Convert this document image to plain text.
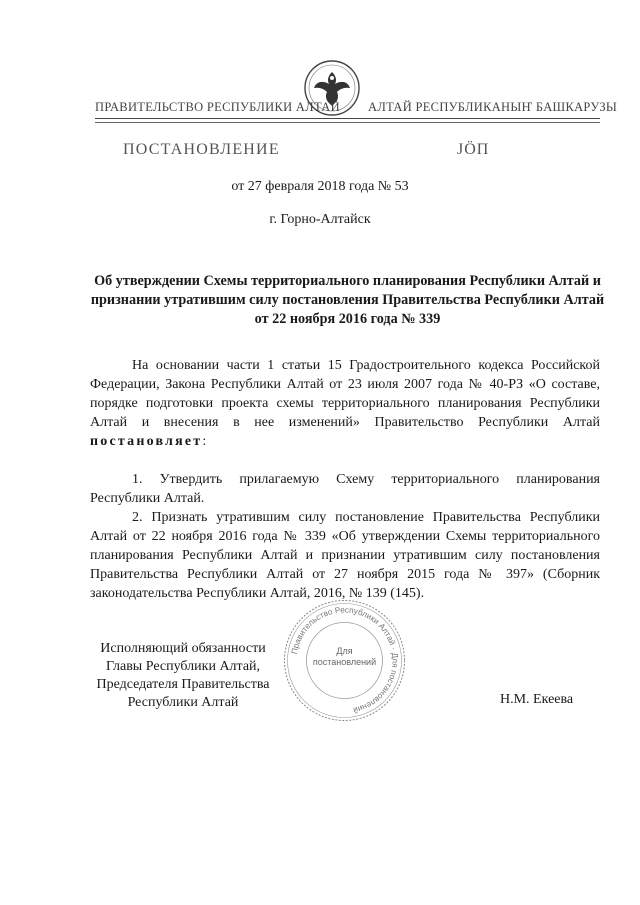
ПРАВИТЕЛЬСТВО РЕСПУБЛИКИ АЛТАЙ АЛТАЙ РЕСПУБЛИКАНЫҤ БАШКАРУЗЫ
ПОСТАНОВЛЕНИЕ	JÖП
от 27 февраля 2018 года № 53
г. Горно-Алтайск
Об утверждении Схемы территориального планирования Республики Алтай и признании утратившим силу постановления Правительства Республики Алтай от 22 ноября 2016 года № 339

На основании части 1 статьи 15 Градостроительного кодекса Российской Федерации, Закона Республики Алтай от 23 июля 2007 года № 40-РЗ «О составе, порядке подготовки проекта схемы территориального планирования Республики Алтай и внесения в нее изменений» Правительство Республики Алтай постановляет:

1. Утвердить прилагаемую Схему территориального планирования Республики Алтай.

2. Признать утратившим силу постановление Правительства Республики Алтай от 22 ноября 2016 года № 339 «Об утверждении Схемы территориального планирования Республики Алтай и признании утратившим силу постановления Правительства Республики Алтай от 27 ноября 2015 года № 397» (Сборник законодательства Республики Алтай, 2016, № 139 (145).

Исполняющий обязанности
Главы Республики Алтай,
Председателя Правительства
Республики Алтай
Правительство Республики Алтай · Для постановлений
Для
постановлений
Н.М. Екеева
